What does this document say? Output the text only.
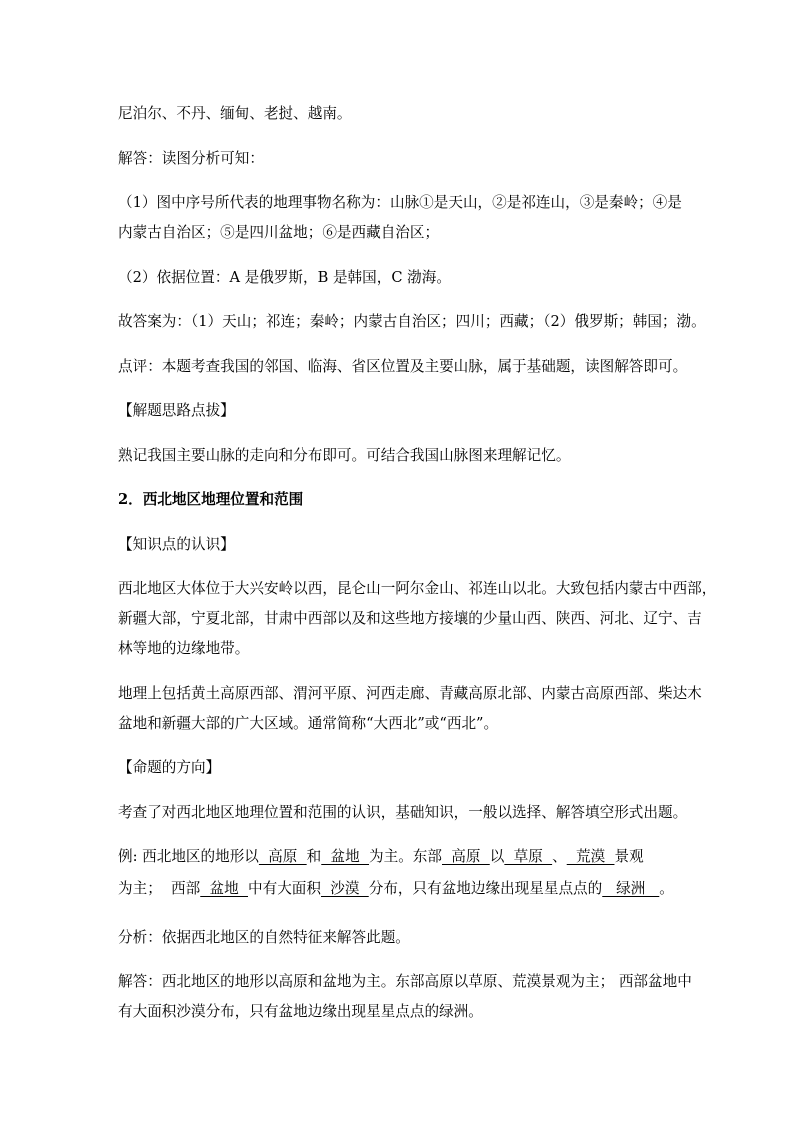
尼泊尔、不丹、缅甸、老挝、越南。
解答：读图分析可知：
（1）图中序号所代表的地理事物名称为：山脉①是天山，②是祁连山，③是秦岭；④是
内蒙古自治区；⑤是四川盆地；⑥是西藏自治区；
（2）依据位置：A 是俄罗斯，B 是韩国，C 渤海。
故答案为：（1）天山；祁连；秦岭；内蒙古自治区；四川；西藏；（2）俄罗斯；韩国；渤。
点评：本题考查我国的邻国、临海、省区位置及主要山脉，属于基础题，读图解答即可。
【解题思路点拔】
熟记我国主要山脉的走向和分布即可。可结合我国山脉图来理解记忆。
2．西北地区地理位置和范围
【知识点的认识】
西北地区大体位于大兴安岭以西，昆仑山一阿尔金山、祁连山以北。大致包括内蒙古中西部，
新疆大部，宁夏北部，甘肃中西部以及和这些地方接壤的少量山西、陕西、河北、辽宁、吉
林等地的边缘地带。
地理上包括黄土高原西部、渭河平原、河西走廊、青藏高原北部、内蒙古高原西部、柴达木
盆地和新疆大部的广大区域。通常简称“大西北”或“西北”。
【命题的方向】
考查了对西北地区地理位置和范围的认识，基础知识，一般以选择、解答填空形式出题。
例: 西北地区的地形以  高原  和  盆地  为主。东部  高原  以  草原  、  荒漠  景观
为主；  西部  盆地  中有大面积  沙漠  分布，只有盆地边缘出现星星点点的   绿洲   。
分析：依据西北地区的自然特征来解答此题。
解答：西北地区的地形以高原和盆地为主。东部高原以草原、荒漠景观为主； 西部盆地中
有大面积沙漠分布，只有盆地边缘出现星星点点的绿洲。
